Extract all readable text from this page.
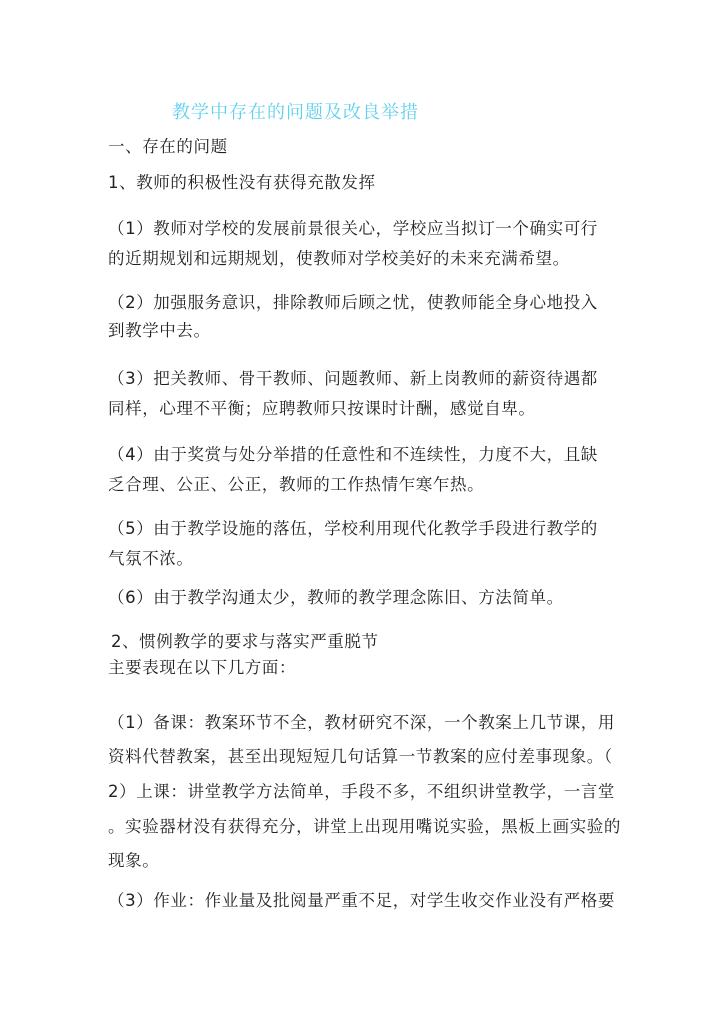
教学中存在的问题及改良举措
一、存在的问题
1、教师的积极性没有获得充散发挥
（1）教师对学校的发展前景很关心，学校应当拟订一个确实可行
的近期规划和远期规划，使教师对学校美好的未来充满希望。
（2）加强服务意识，排除教师后顾之忧，使教师能全身心地投入
到教学中去。
（3）把关教师、骨干教师、问题教师、新上岗教师的薪资待遇都
同样，心理不平衡；应聘教师只按课时计酬，感觉自卑。
（4）由于奖赏与处分举措的任意性和不连续性，力度不大，且缺
乏合理、公正、公正，教师的工作热情乍寒乍热。
（5）由于教学设施的落伍，学校利用现代化教学手段进行教学的
气氛不浓。
（6）由于教学沟通太少，教师的教学理念陈旧、方法简单。
2、惯例教学的要求与落实严重脱节
主要表现在以下几方面：
（1）备课：教案环节不全，教材研究不深，一个教案上几节课，用
资料代替教案，甚至出现短短几句话算一节教案的应付差事现象。（
2）上课：讲堂教学方法简单，手段不多，不组织讲堂教学，一言堂
。实验器材没有获得充分，讲堂上出现用嘴说实验，黑板上画实验的
现象。
（3）作业：作业量及批阅量严重不足，对学生收交作业没有严格要
